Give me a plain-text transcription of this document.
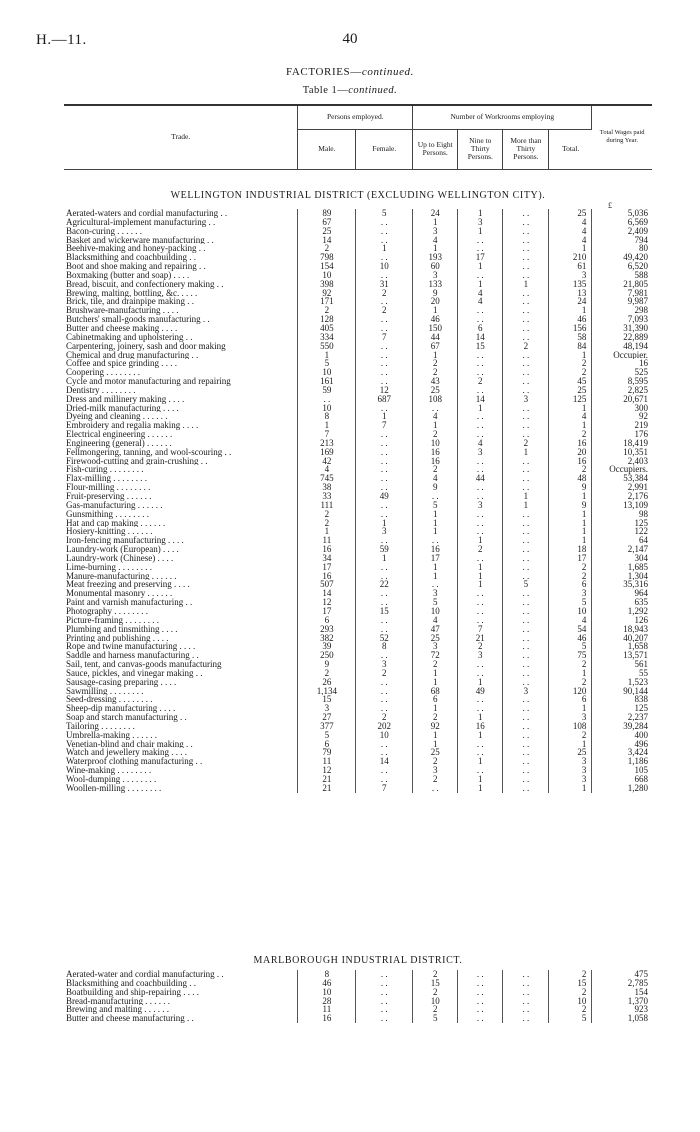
H.—11.	40
FACTORIES—continued.
Table 1—continued.
Trade.	Persons employed.		Number of Workrooms employing				Total Wages paid during Year.
	Male.	Female.	Up to Eight Persons.	Nine to Thirty Persons.	More than Thirty Persons.	Total.	
WELLINGTON INDUSTRIAL DISTRICT (EXCLUDING WELLINGTON CITY).
£
Aerated-waters and cordial manufacturing . .	89	5	24	1	. .	25	5,036
Agricultural-implement manufacturing . .	67	. .	1	3	. .	4	6,569
Bacon-curing . . . . . .	25	. .	3	1	. .	4	2,409
Basket and wickerware manufacturing . .	14	. .	4	. .	. .	4	794
Beehive-making and honey-packing . .	2	1	1	. .	. .	1	80
Blacksmithing and coachbuilding . .	798	. .	193	17	. .	210	49,420
Boot and shoe making and repairing . .	154	10	60	1	. .	61	6,520
Boxmaking (butter and soap) . . . .	10	. .	3	. .	. .	3	588
Bread, biscuit, and confectionery making . .	398	31	133	1	1	135	21,805
Brewing, malting, bottling, &c. . . . .	92	2	9	4	. .	13	7,981
Brick, tile, and drainpipe making . .	171	. .	20	4	. .	24	9,987
Brushware-manufacturing . . . .	2	2	1	. .	. .	1	298
Butchers' small-goods manufacturing . .	128	. .	46	. .	. .	46	7,093
Butter and cheese making . . . .	405	. .	150	6	. .	156	31,390
Cabinetmaking and upholstering . .	334	7	44	14	. .	58	22,889
Carpentering, joinery, sash and door making	550	. .	67	15	2	84	48,194
Chemical and drug manufacturing . .	1	. .	1	. .	. .	1	Occupier.
Coffee and spice grinding . . . .	5	. .	2	. .	. .	2	16
Coopering . . . . . . . .	10	. .	2	. .	. .	2	525
Cycle and motor manufacturing and repairing	161	. .	43	2	. .	45	8,595
Dentistry . . . . . . . .	59	12	25	. .	. .	25	2,825
Dress and millinery making . . . .	. .	687	108	14	3	125	20,671
Dried-milk manufacturing . . . .	10	. .	. .	1	. .	1	300
Dyeing and cleaning . . . . . .	8	1	4	. .	. .	4	92
Embroidery and regalia making . . . .	1	7	1	. .	. .	1	219
Electrical engineering . . . . . .	7	. .	2	. .	. .	2	176
Engineering (general) . . . . . .	213	. .	10	4	2	16	18,419
Fellmongering, tanning, and wool-scouring . .	169	. .	16	3	1	20	10,351
Firewood-cutting and grain-crushing . .	42	. .	16	. .	. .	16	2,403
Fish-curing . . . . . . . .	4	. .	2	. .	. .	2	Occupiers.
Flax-milling . . . . . . . .	745	. .	4	44	. .	48	53,384
Flour-milling . . . . . . . .	38	. .	9	. .	. .	9	2,991
Fruit-preserving . . . . . .	33	49	. .	. .	1	1	2,176
Gas-manufacturing . . . . . .	111	. .	5	3	1	9	13,109
Gunsmithing . . . . . . . .	2	. .	1	. .	. .	1	98
Hat and cap making . . . . . .	2	1	1	. .	. .	1	125
Hosiery-knitting . . . . . .	1	3	1	. .	. .	1	122
Iron-fencing manufacturing . . . .	11	. .	. .	1	. .	1	64
Laundry-work (European) . . . .	16	59	16	2	. .	18	2,147
Laundry-work (Chinese) . . . .	34	1	17	. .	. .	17	304
Lime-burning . . . . . . . .	17	. .	1	1	. .	2	1,685
Manure-manufacturing . . . . . .	16	. .	1	1	. .	2	1,304
Meat freezing and preserving . . . .	507	22	. .	1	5	6	35,316
Monumental masonry . . . . . .	14	. .	3	. .	. .	3	964
Paint and varnish manufacturing . .	12	. .	5	. .	. .	5	635
Photography . . . . . . . .	17	15	10	. .	. .	10	1,292
Picture-framing . . . . . . . .	6	. .	4	. .	. .	4	126
Plumbing and tinsmithing . . . .	293	. .	47	7	. .	54	18,943
Printing and publishing . . . .	382	52	25	21	. .	46	40,207
Rope and twine manufacturing . . . .	39	8	3	2	. .	5	1,658
Saddle and harness manufacturing . .	250	. .	72	3	. .	75	13,571
Sail, tent, and canvas-goods manufacturing	9	3	2	. .	. .	2	561
Sauce, pickles, and vinegar making . .	2	2	1	. .	. .	1	55
Sausage-casing preparing . . . .	26	. .	1	1	. .	2	1,523
Sawmilling . . . . . . . .	1,134	. .	68	49	3	120	90,144
Seed-dressing . . . . . . . .	15	. .	6	. .	. .	6	838
Sheep-dip manufacturing . . . .	3	. .	1	. .	. .	1	125
Soap and starch manufacturing . .	27	2	2	1	. .	3	2,237
Tailoring . . . . . . . .	377	202	92	16	. .	108	39,284
Umbrella-making . . . . . .	5	10	1	1	. .	2	400
Venetian-blind and chair making . .	6	. .	1	. .	. .	1	496
Watch and jewellery making . . . .	79	. .	25	. .	. .	25	3,424
Waterproof clothing manufacturing . .	11	14	2	1	. .	3	1,186
Wine-making . . . . . . . .	12	. .	3	. .	. .	3	105
Wool-dumping . . . . . . . .	21	. .	2	1	. .	3	668
Woollen-milling . . . . . . . .	21	7	. .	1	. .	1	1,280
MARLBOROUGH INDUSTRIAL DISTRICT.
Aerated-water and cordial manufacturing . .	8	. .	2	. .	. .	2	475
Blacksmithing and coachbuilding . .	46	. .	15	. .	. .	15	2,785
Boatbuilding and ship-repairing . . . .	10	. .	2	. .	. .	2	154
Bread-manufacturing . . . . . .	28	. .	10	. .	. .	10	1,370
Brewing and malting . . . . . .	11	. .	2	. .	. .	2	923
Butter and cheese manufacturing . .	16	. .	5	. .	. .	5	1,058
